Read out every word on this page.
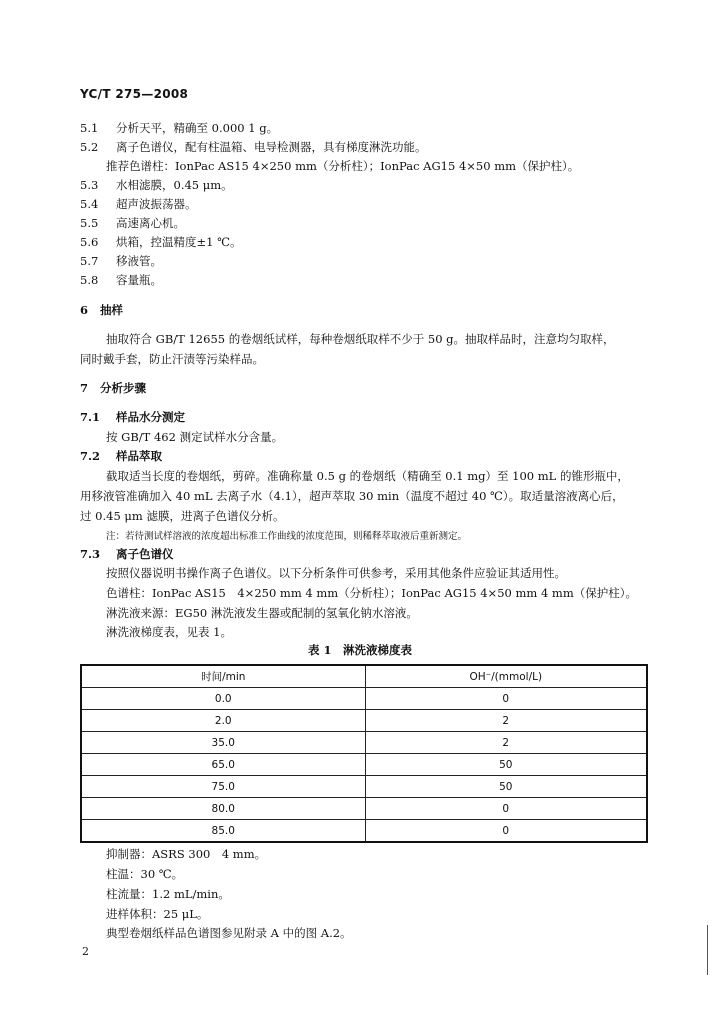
YC/T 275—2008
5.1 分析天平，精确至 0.000 1 g。
5.2 离子色谱仪，配有柱温箱、电导检测器，具有梯度淋洗功能。
推荐色谱柱：IonPac AS15 4×250 mm（分析柱）；IonPac AG15 4×50 mm（保护柱）。
5.3 水相滤膜，0.45 μm。
5.4 超声波振荡器。
5.5 高速离心机。
5.6 烘箱，控温精度±1 ℃。
5.7 移液管。
5.8 容量瓶。
6 抽样
抽取符合 GB/T 12655 的卷烟纸试样，每种卷烟纸取样不少于 50 g。抽取样品时，注意均匀取样，
同时戴手套，防止汗渍等污染样品。
7 分析步骤
7.1 样品水分测定
按 GB/T 462 测定试样水分含量。
7.2 样品萃取
截取适当长度的卷烟纸，剪碎。准确称量 0.5 g 的卷烟纸（精确至 0.1 mg）至 100 mL 的锥形瓶中，
用移液管准确加入 40 mL 去离子水（4.1），超声萃取 30 min（温度不超过 40 ℃）。取适量溶液离心后，
过 0.45 μm 滤膜，进离子色谱仪分析。
注：若待测试样溶液的浓度超出标准工作曲线的浓度范围，则稀释萃取液后重新测定。
7.3 离子色谱仪
按照仪器说明书操作离子色谱仪。以下分析条件可供参考，采用其他条件应验证其适用性。
色谱柱：IonPac AS15　4×250 mm 4 mm（分析柱）；IonPac AG15 4×50 mm 4 mm（保护柱）。
淋洗液来源：EG50 淋洗液发生器或配制的氢氧化钠水溶液。
淋洗液梯度表，见表 1。
表 1　淋洗液梯度表
时间/min	OH⁻/(mmol/L)
0.0	0
2.0	2
35.0	2
65.0	50
75.0	50
80.0	0
85.0	0
抑制器：ASRS 300　4 mm。
柱温：30 ℃。
柱流量：1.2 mL/min。
进样体积：25 μL。
典型卷烟纸样品色谱图参见附录 A 中的图 A.2。
2
